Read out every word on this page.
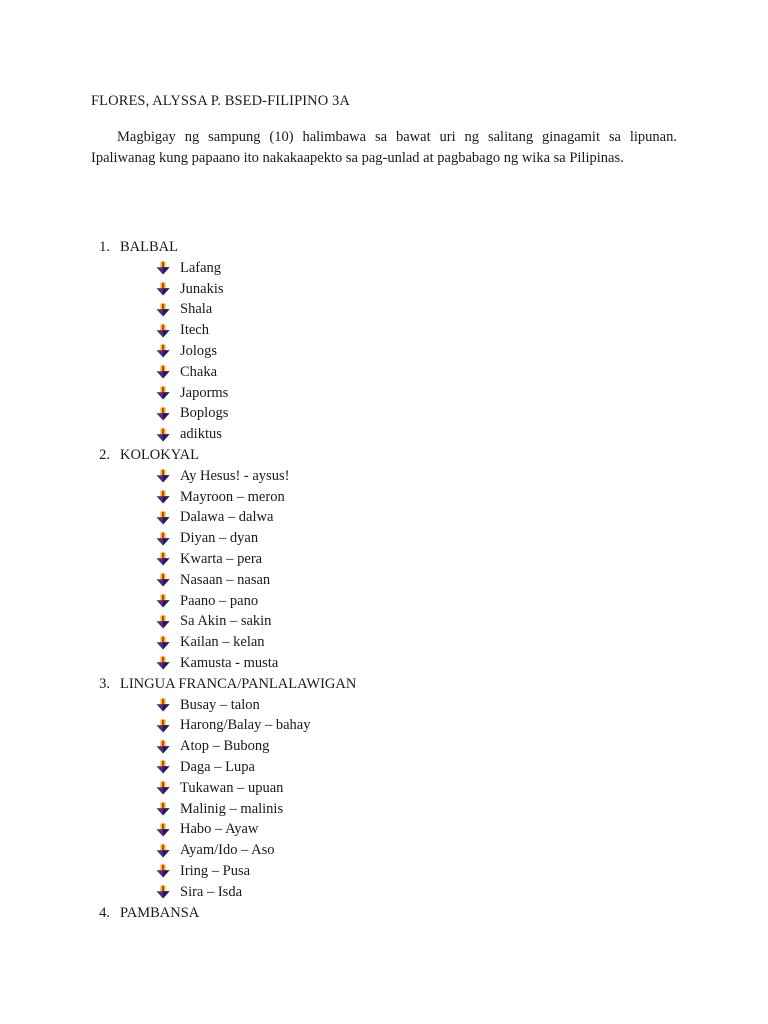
FLORES, ALYSSA P. BSED-FILIPINO 3A
Magbigay ng sampung (10) halimbawa sa bawat uri ng salitang ginagamit sa lipunan. Ipaliwanag kung papaano ito nakakaapekto sa pag-unlad at pagbabago ng wika sa Pilipinas.
1. BALBAL
Lafang
Junakis
Shala
Itech
Jologs
Chaka
Japorms
Boplogs
adiktus
2. KOLOKYAL
Ay Hesus! - aysus!
Mayroon – meron
Dalawa – dalwa
Diyan – dyan
Kwarta – pera
Nasaan – nasan
Paano – pano
Sa Akin – sakin
Kailan – kelan
Kamusta - musta
3. LINGUA FRANCA/PANLALAWIGAN
Busay – talon
Harong/Balay – bahay
Atop – Bubong
Daga – Lupa
Tukawan – upuan
Malinig – malinis
Habo – Ayaw
Ayam/Ido – Aso
Iring – Pusa
Sira – Isda
4. PAMBANSA
